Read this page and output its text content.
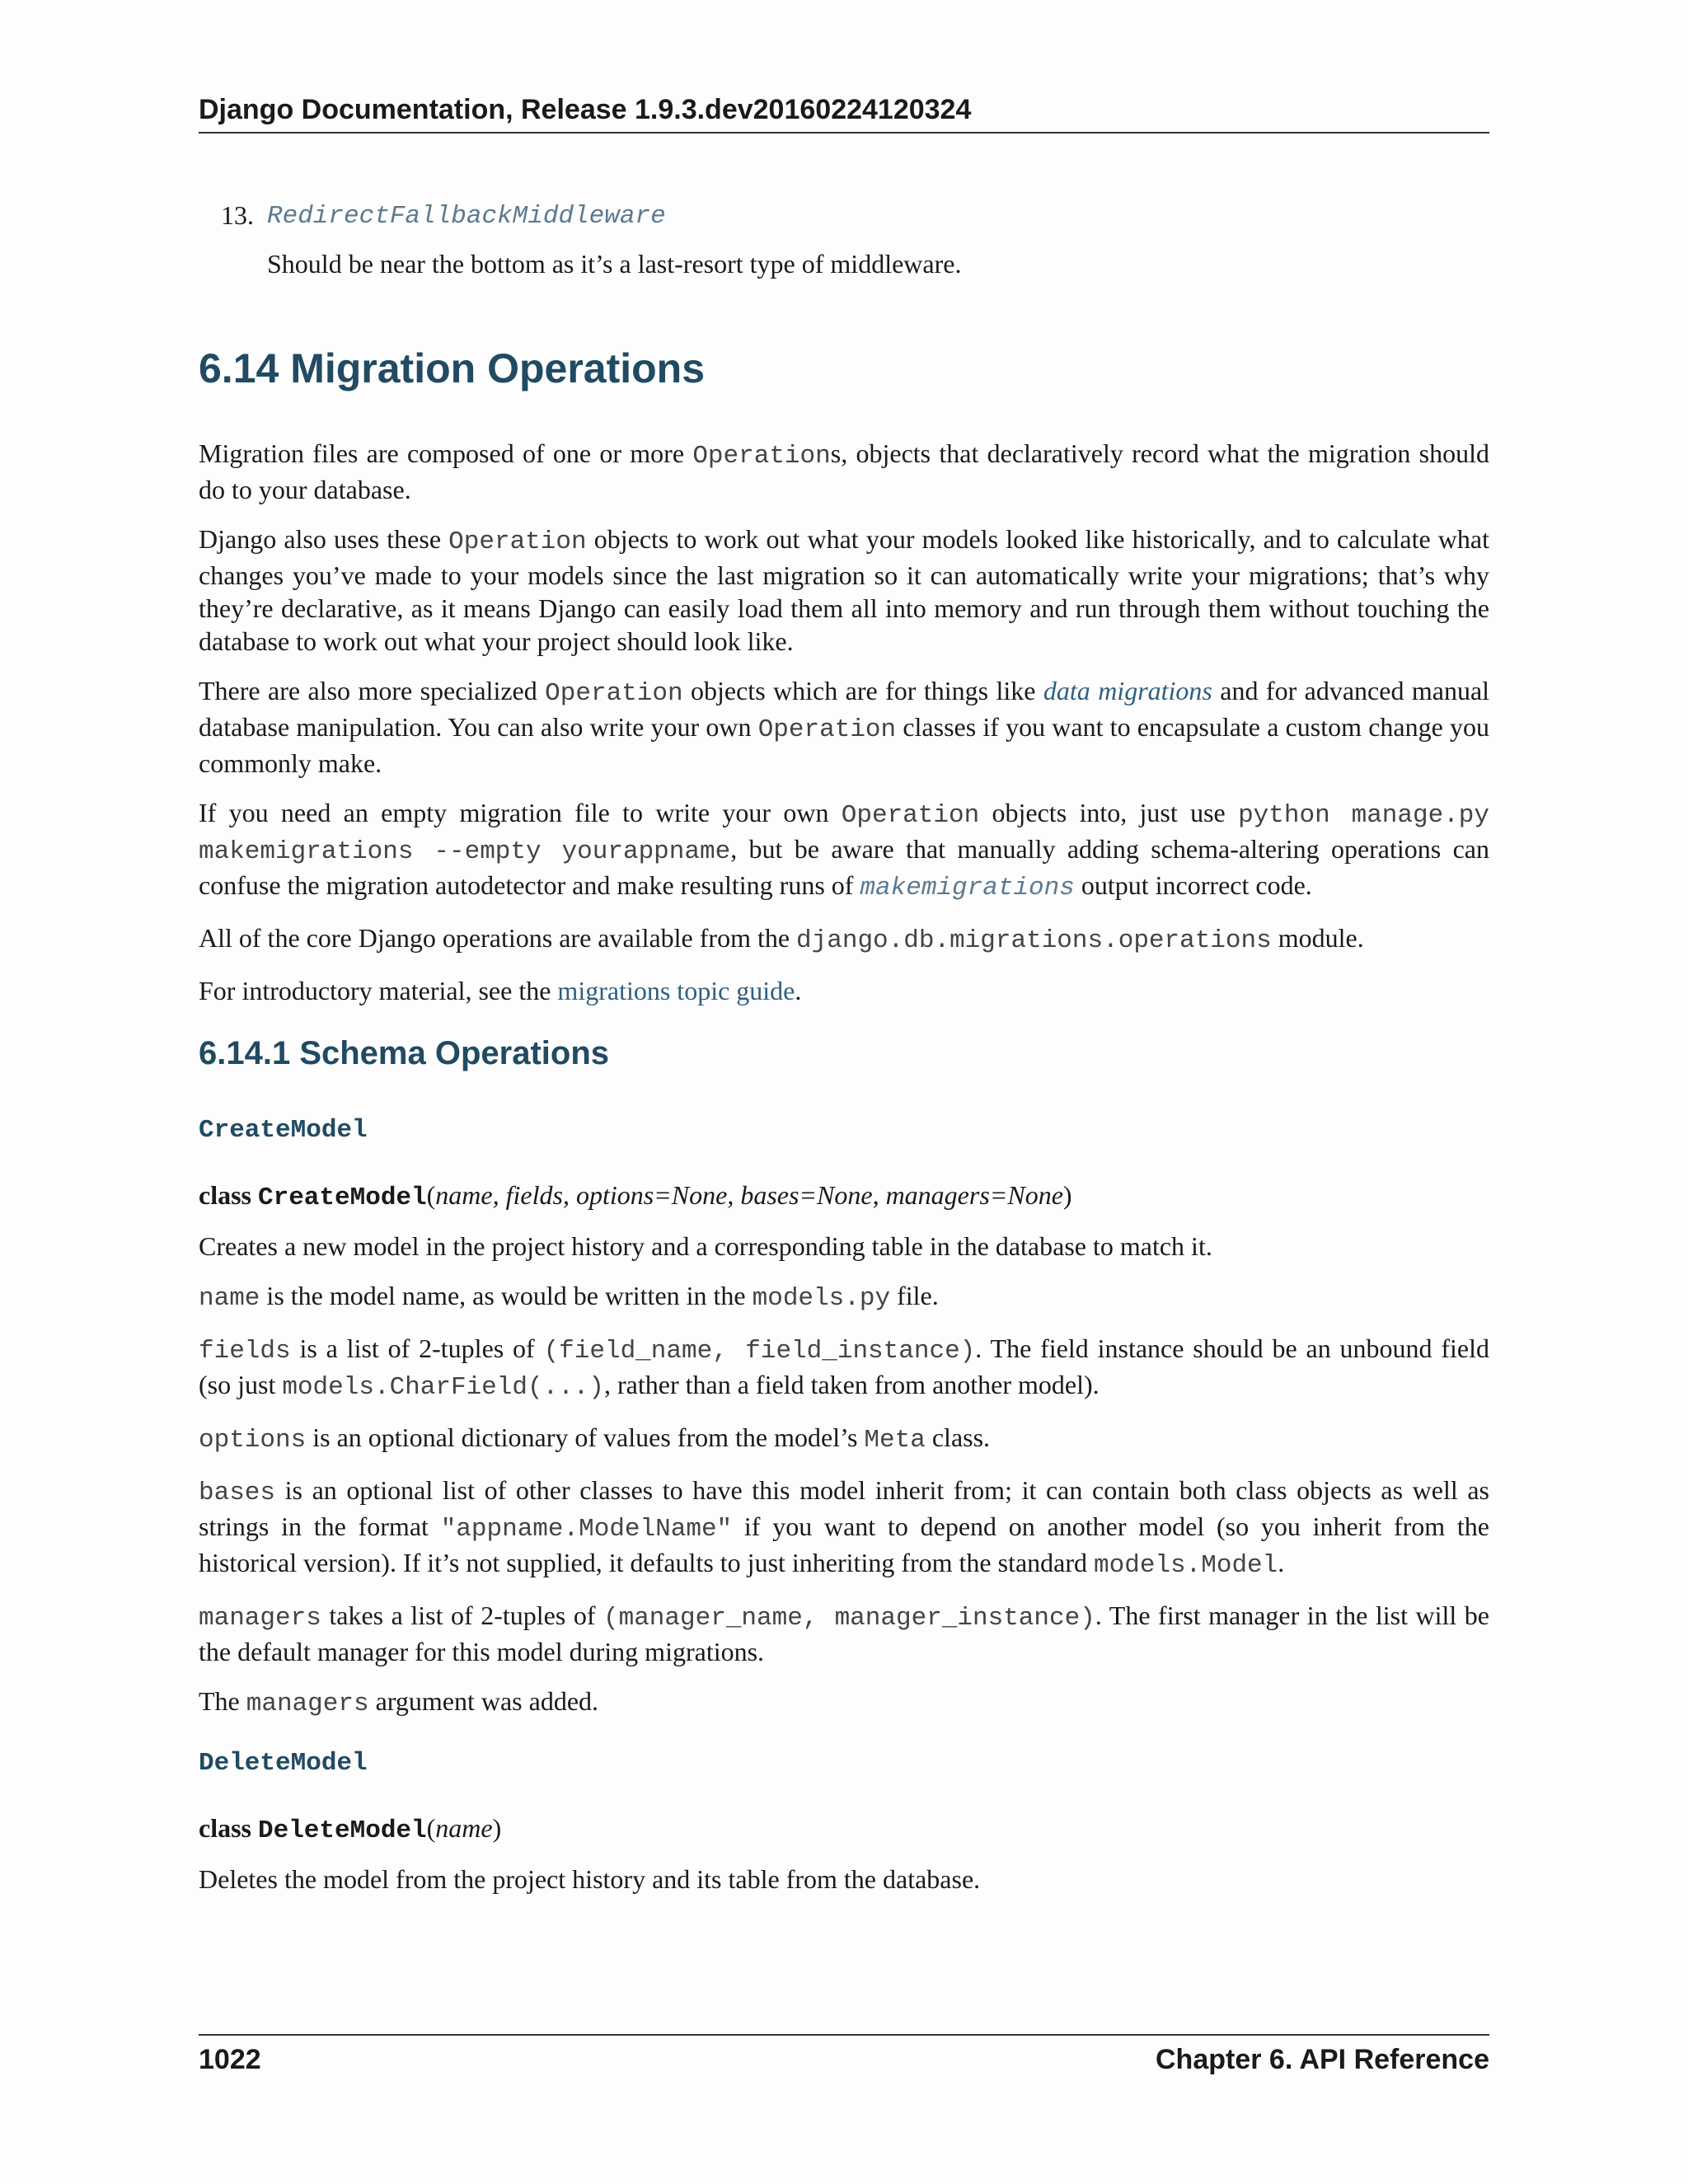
Django Documentation, Release 1.9.3.dev20160224120324
13. RedirectFallbackMiddleware

Should be near the bottom as it’s a last-resort type of middleware.

6.14 Migration Operations

Migration files are composed of one or more Operations, objects that declaratively record what the migration should do to your database.

Django also uses these Operation objects to work out what your models looked like historically, and to calculate what changes you’ve made to your models since the last migration so it can automatically write your migrations; that’s why they’re declarative, as it means Django can easily load them all into memory and run through them without touching the database to work out what your project should look like.

There are also more specialized Operation objects which are for things like data migrations and for advanced manual database manipulation. You can also write your own Operation classes if you want to encapsulate a custom change you commonly make.

If you need an empty migration file to write your own Operation objects into, just use python manage.py makemigrations --empty yourappname, but be aware that manually adding schema-altering operations can confuse the migration autodetector and make resulting runs of makemigrations output incorrect code.

All of the core Django operations are available from the django.db.migrations.operations module.

For introductory material, see the migrations topic guide.

6.14.1 Schema Operations
CreateModel
class CreateModel(name, fields, options=None, bases=None, managers=None)

Creates a new model in the project history and a corresponding table in the database to match it.

name is the model name, as would be written in the models.py file.

fields is a list of 2-tuples of (field_name, field_instance). The field instance should be an unbound field (so just models.CharField(...), rather than a field taken from another model).

options is an optional dictionary of values from the model’s Meta class.

bases is an optional list of other classes to have this model inherit from; it can contain both class objects as well as strings in the format "appname.ModelName" if you want to depend on another model (so you inherit from the historical version). If it’s not supplied, it defaults to just inheriting from the standard models.Model.

managers takes a list of 2-tuples of (manager_name, manager_instance). The first manager in the list will be the default manager for this model during migrations.

The managers argument was added.

DeleteModel
class DeleteModel(name)

Deletes the model from the project history and its table from the database.

1022	Chapter 6. API Reference
